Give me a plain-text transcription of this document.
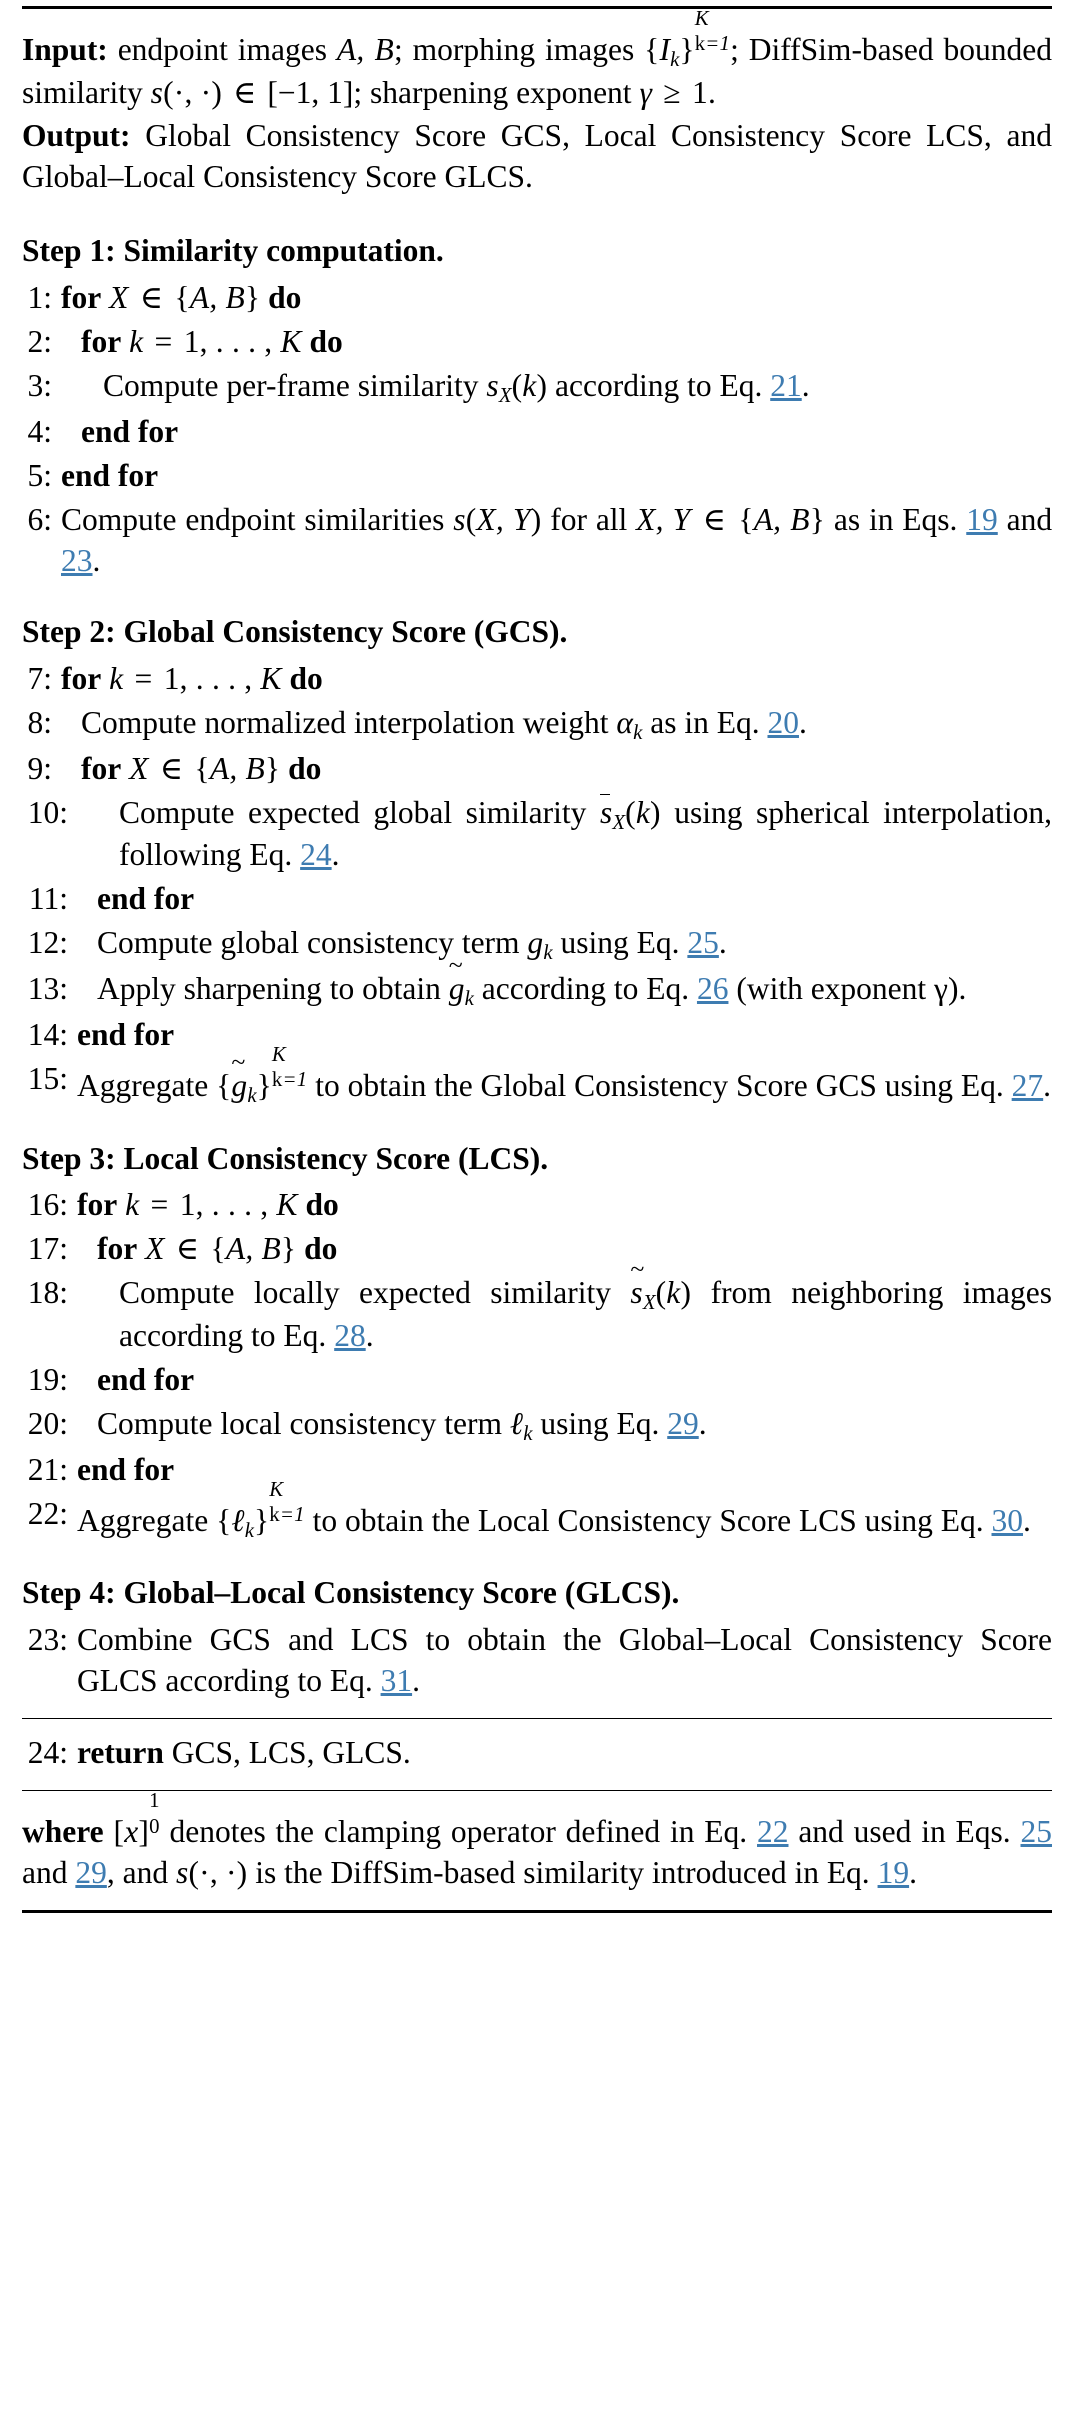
Input: endpoint images A, B; morphing images $\{I_k\}$
K
k=1 ; DiffSim-based bounded similarity s(·, ·) ∈ [−1, 1]; sharpening exponent γ ≥ 1.

Output: Global Consistency Score GCS, Local Consistency Score LCS, and Global–Local Consistency Score GLCS.

Step 1: Similarity computation.
1: for X ∈ {A, B} do
2: for k = 1, . . . , K do
3:	Compute per-frame similarity $s_X(k)$ according to Eq. 21.
4: end for
5: end for
6: Compute endpoint similarities s(X, Y) for all X, Y ∈ {A, B} as in Eqs. 19 and 23.
Step 2: Global Consistency Score (GCS).
7: for k = 1, . . . , K do
8: Compute normalized interpolation weight $\alpha_k$ as in Eq. 20.
9: for X ∈ {A, B} do
10:	Compute expected global similarity $s_X(k)$ using spherical interpolation, following Eq. 24.
11: end for
12: Compute global consistency term $g_k$ using Eq. 25.
13: Apply sharpening to obtain ~ $g_k$ according to Eq. 26 (with exponent γ).
14: end for
15: Aggregate {~ $g_k$}
K
k=1 to obtain the Global Consistency Score GCS using Eq. 27.
Step 3: Local Consistency Score (LCS).
16: for k = 1, . . . , K do
17: for X ∈ {A, B} do
18:	Compute locally expected similarity ~ $s_X(k)$ from neighboring images according to Eq. 28.
19: end for
20: Compute local consistency term ℓ$_k$ using Eq. 29.
21: end for
22: Aggregate {ℓ$_k$}
K
k=1 to obtain the Local Consistency Score LCS using Eq. 30.
Step 4: Global–Local Consistency Score (GLCS).
23: Combine GCS and LCS to obtain the Global–Local Consistency Score GLCS according to Eq. 31.
24: return GCS, LCS, GLCS.

where [x]
1
0 denotes the clamping operator defined in Eq. 22 and used in Eqs. 25 and 29, and s(·, ·) is the DiffSim-based similarity introduced in Eq. 19.
